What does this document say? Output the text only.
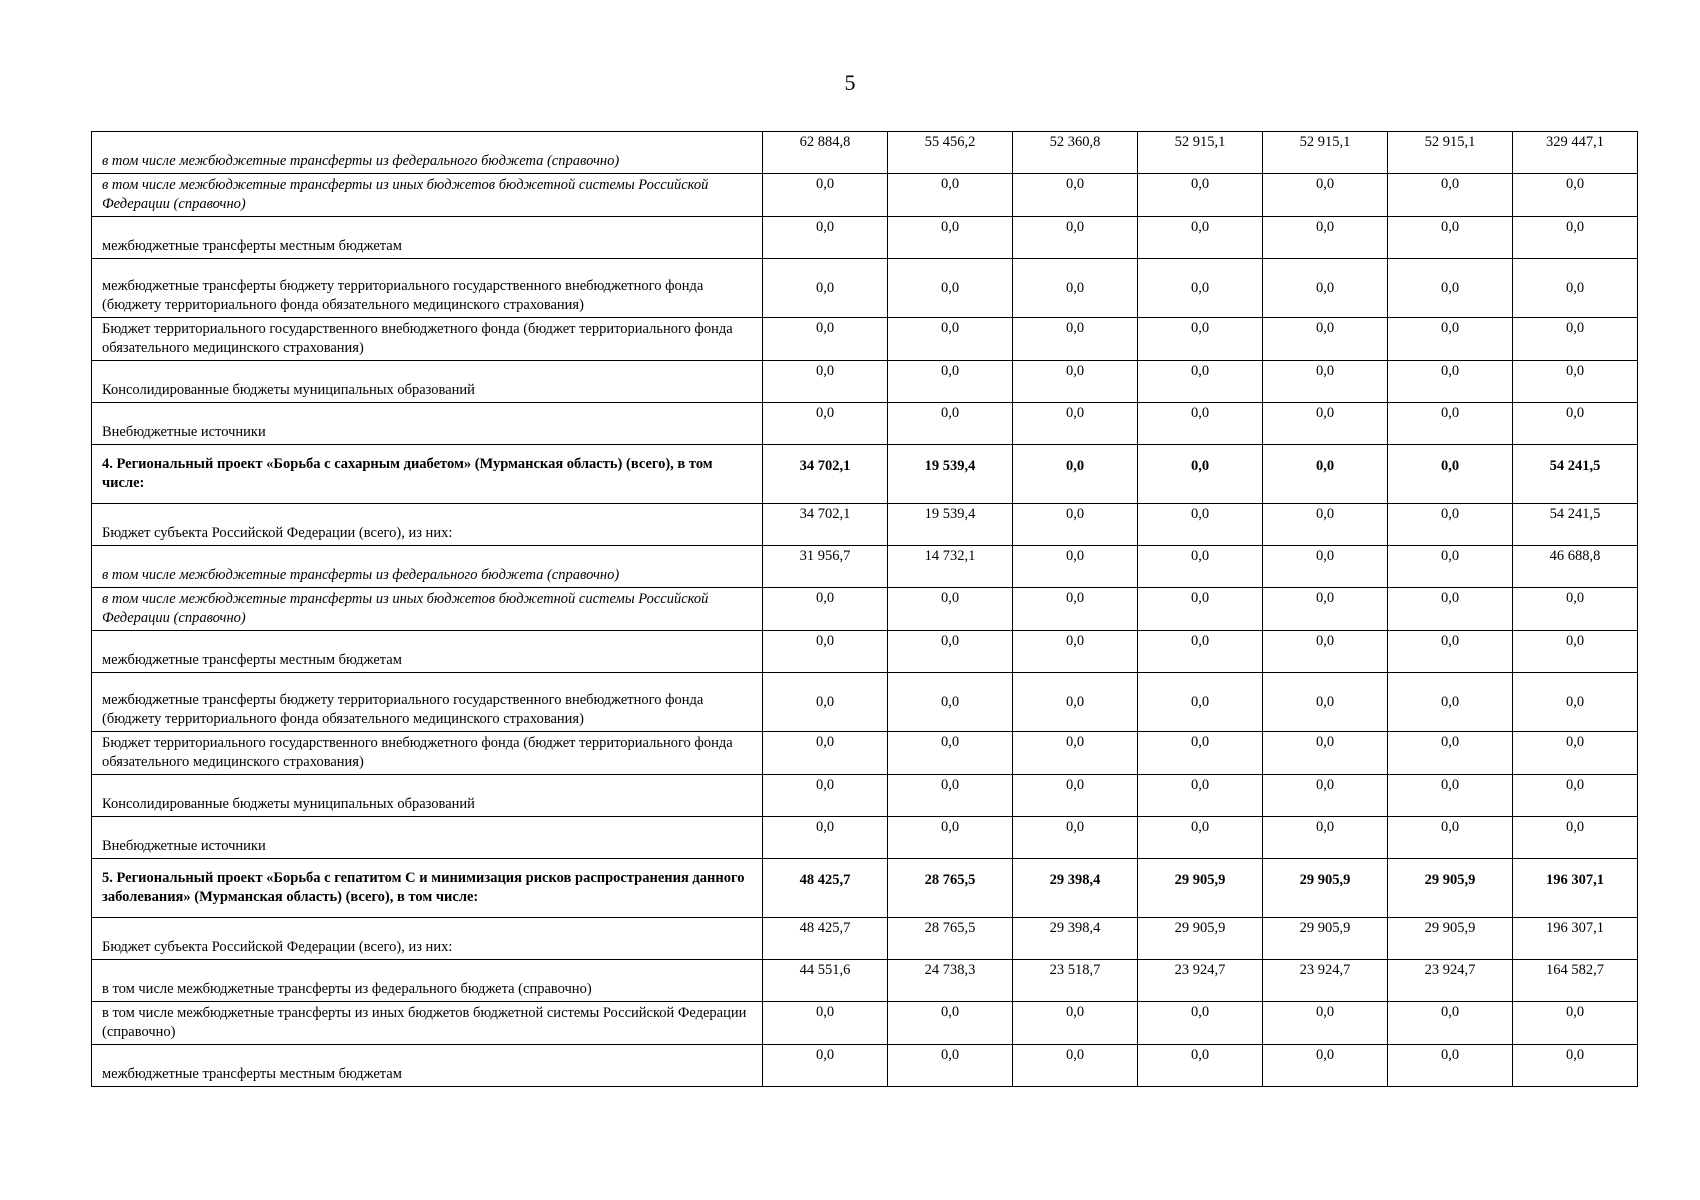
5
в том числе межбюджетные трансферты из федерального бюджета (справочно)	62 884,8	55 456,2	52 360,8	52 915,1	52 915,1	52 915,1	329 447,1
в том числе межбюджетные трансферты из иных бюджетов бюджетной системы Российской Федерации (справочно)	0,0	0,0	0,0	0,0	0,0	0,0	0,0
межбюджетные трансферты местным бюджетам	0,0	0,0	0,0	0,0	0,0	0,0	0,0
межбюджетные трансферты бюджету территориального государственного внебюджетного фонда (бюджету территориального фонда обязательного медицинского страхования)	0,0	0,0	0,0	0,0	0,0	0,0	0,0
Бюджет территориального государственного внебюджетного фонда (бюджет территориального фонда обязательного медицинского страхования)	0,0	0,0	0,0	0,0	0,0	0,0	0,0
Консолидированные бюджеты муниципальных образований	0,0	0,0	0,0	0,0	0,0	0,0	0,0
Внебюджетные источники	0,0	0,0	0,0	0,0	0,0	0,0	0,0
4. Региональный проект «Борьба с сахарным диабетом» (Мурманская область) (всего), в том числе:	34 702,1	19 539,4	0,0	0,0	0,0	0,0	54 241,5
Бюджет субъекта Российской Федерации (всего), из них:	34 702,1	19 539,4	0,0	0,0	0,0	0,0	54 241,5
в том числе межбюджетные трансферты из федерального бюджета (справочно)	31 956,7	14 732,1	0,0	0,0	0,0	0,0	46 688,8
в том числе межбюджетные трансферты из иных бюджетов бюджетной системы Российской Федерации (справочно)	0,0	0,0	0,0	0,0	0,0	0,0	0,0
межбюджетные трансферты местным бюджетам	0,0	0,0	0,0	0,0	0,0	0,0	0,0
межбюджетные трансферты бюджету территориального государственного внебюджетного фонда (бюджету территориального фонда обязательного медицинского страхования)	0,0	0,0	0,0	0,0	0,0	0,0	0,0
Бюджет территориального государственного внебюджетного фонда (бюджет территориального фонда обязательного медицинского страхования)	0,0	0,0	0,0	0,0	0,0	0,0	0,0
Консолидированные бюджеты муниципальных образований	0,0	0,0	0,0	0,0	0,0	0,0	0,0
Внебюджетные источники	0,0	0,0	0,0	0,0	0,0	0,0	0,0
5. Региональный проект «Борьба с гепатитом С и минимизация рисков распространения данного заболевания» (Мурманская область) (всего), в том числе:	48 425,7	28 765,5	29 398,4	29 905,9	29 905,9	29 905,9	196 307,1
Бюджет субъекта Российской Федерации (всего), из них:	48 425,7	28 765,5	29 398,4	29 905,9	29 905,9	29 905,9	196 307,1
в том числе межбюджетные трансферты из федерального бюджета (справочно)	44 551,6	24 738,3	23 518,7	23 924,7	23 924,7	23 924,7	164 582,7
в том числе межбюджетные трансферты из иных бюджетов бюджетной системы Российской Федерации (справочно)	0,0	0,0	0,0	0,0	0,0	0,0	0,0
межбюджетные трансферты местным бюджетам	0,0	0,0	0,0	0,0	0,0	0,0	0,0
